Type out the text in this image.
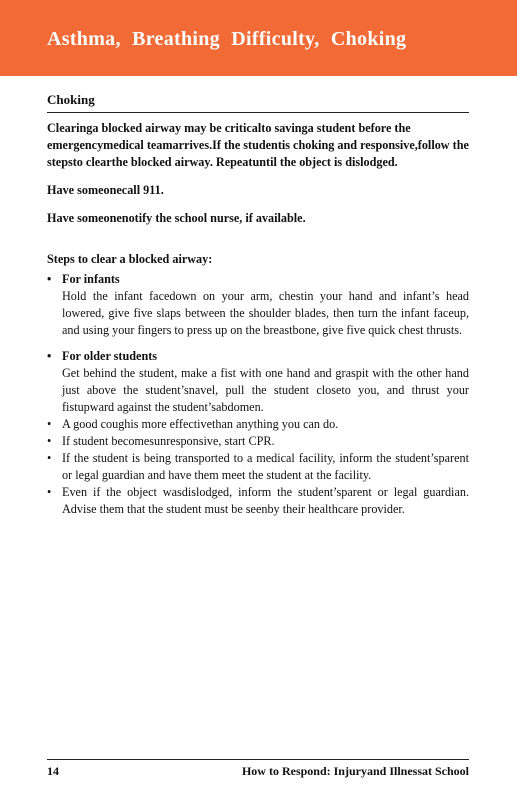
Asthma, Breathing Difficulty, Choking
Choking

Clearinga blocked airway may be criticalto savinga student before the emergencymedical teamarrives.If the studentis choking and responsive,follow the stepsto clearthe blocked airway. Repeatuntil the object is dislodged.

Have someonecall 911.

Have someonenotify the school nurse, if available.

Steps to clear a blocked airway:

• For infants
Hold the infant facedown on your arm, chestin your hand and infant’s head lowered, give five slaps between the shoulder blades, then turn the infant faceup, and using your fingers to press up on the breastbone, give five quick chest thrusts.
• For older students
Get behind the student, make a fist with one hand and graspit with the other hand just above the student’snavel, pull the student closeto you, and thrust your fistupward against the student’sabdomen.
• A good coughis more effectivethan anything you can do.
• If student becomesunresponsive, start CPR.
• If the student is being transported to a medical facility, inform the student’sparent or legal guardian and have them meet the student at the facility.
• Even if the object wasdislodged, inform the student’sparent or legal guardian. Advise them that the student must be seenby their healthcare provider.
14	How to Respond: Injuryand Illnessat School
